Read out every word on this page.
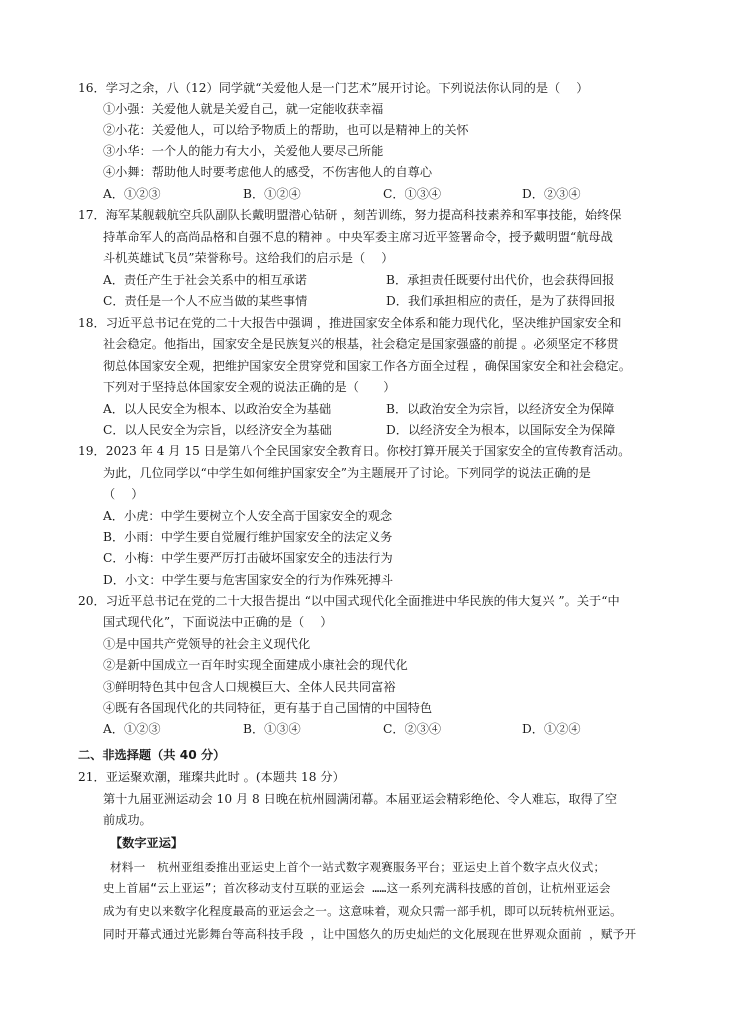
16．学习之余，八（12）同学就“关爱他人是一门艺术”展开讨论。下列说法你认同的是（　 ）
①小强：关爱他人就是关爱自己，就一定能收获幸福
②小花：关爱他人，可以给予物质上的帮助，也可以是精神上的关怀
③小华：一个人的能力有大小，关爱他人要尽己所能
④小舞：帮助他人时要考虑他人的感受，不伤害他人的自尊心
A．①②③	B．①②④	C．①③④	D．②③④
17．海军某舰载航空兵队副队长戴明盟潜心钻研 ，刻苦训练，努力提高科技素养和军事技能，始终保
持革命军人的高尚品格和自强不息的精神 。中央军委主席习近平签署命令，授予戴明盟“航母战
斗机英雄试飞员”荣誉称号。这给我们的启示是（　 ）
A．责任产生于社会关系中的相互承诺	B．承担责任既要付出代价，也会获得回报
C．责任是一个人不应当做的某些事情	D．我们承担相应的责任，是为了获得回报
18．习近平总书记在党的二十大报告中强调 ，推进国家安全体系和能力现代化，坚决维护国家安全和
社会稳定。他指出，国家安全是民族复兴的根基，社会稳定是国家强盛的前提 。必须坚定不移贯
彻总体国家安全观，把维护国家安全贯穿党和国家工作各方面全过程 ，确保国家安全和社会稳定。
下列对于坚持总体国家安全观的说法正确的是（　　）
A．以人民安全为根本、以政治安全为基础	B．以政治安全为宗旨，以经济安全为保障
C．以人民安全为宗旨，以经济安全为基础	D．以经济安全为根本，以国际安全为保障
19．2023 年 4 月 15 日是第八个全民国家安全教育日。你校打算开展关于国家安全的宣传教育活动。
为此，几位同学以“中学生如何维护国家安全”为主题展开了讨论。下列同学的说法正确的是
（　 ）
A．小虎：中学生要树立个人安全高于国家安全的观念
B．小雨：中学生要自觉履行维护国家安全的法定义务
C．小梅：中学生要严厉打击破坏国家安全的违法行为
D．小文：中学生要与危害国家安全的行为作殊死搏斗
20．习近平总书记在党的二十大报告提出 “以中国式现代化全面推进中华民族的伟大复兴 ”。关于“中
国式现代化”，下面说法中正确的是（　 ）
①是中国共产党领导的社会主义现代化
②是新中国成立一百年时实现全面建成小康社会的现代化
③鲜明特色其中包含人口规模巨大、全体人民共同富裕
④既有各国现代化的共同特征，更有基于自己国情的中国特色
A．①②③	B．①③④	C．②③④	D．①②④
二、非选择题（共 40 分）
21．亚运聚欢潮，璀璨共此时 。(本题共 18 分）
第十九届亚洲运动会 10 月 8 日晚在杭州圆满闭幕。本届亚运会精彩绝伦、令人难忘，取得了空
前成功。
【数字亚运】
材料一　杭州亚组委推出亚运史上首个一站式数字观赛服务平台；亚运史上首个数字点火仪式；
史上首届“云上亚运”；首次移动支付互联的亚运会 ……这一系列充满科技感的首创，让杭州亚运会
成为有史以来数字化程度最高的亚运会之一。这意味着，观众只需一部手机，即可以玩转杭州亚运。
同时开幕式通过光影舞台等高科技手段 ，让中国悠久的历史灿烂的文化展现在世界观众面前 ，赋予开
